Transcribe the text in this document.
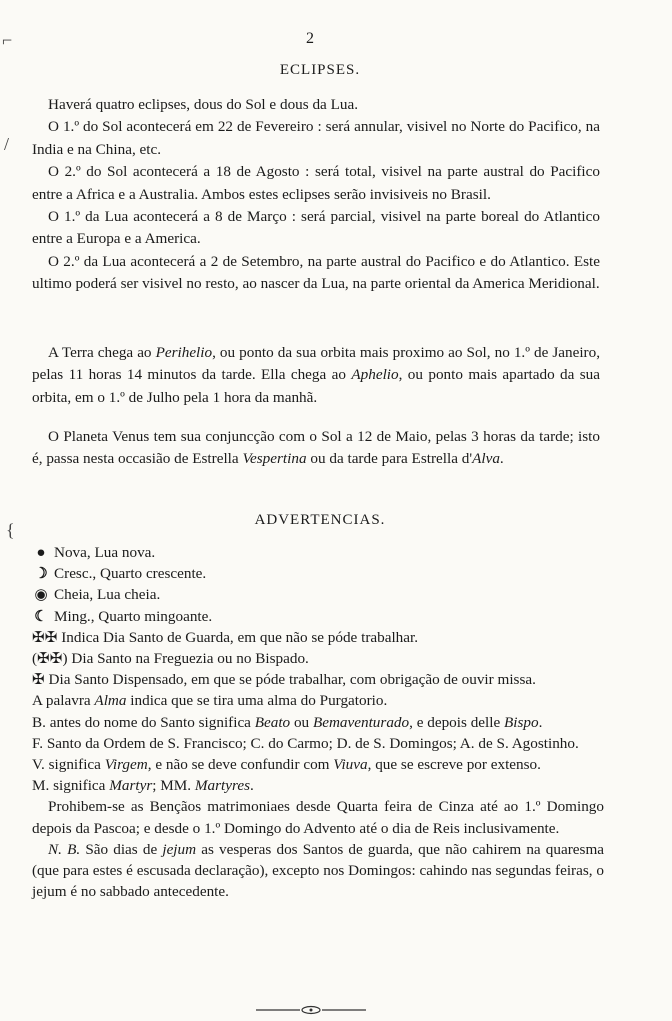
2
ECLIPSES.

Haverá quatro eclipses, dous do Sol e dous da Lua.

O 1.º do Sol acontecerá em 22 de Fevereiro : será annular, visivel no Norte do Pacifico, na India e na China, etc.

O 2.º do Sol acontecerá a 18 de Agosto : será total, visivel na parte austral do Pacifico entre a Africa e a Australia. Ambos estes eclipses serão invisiveis no Brasil.

O 1.º da Lua acontecerá a 8 de Março : será parcial, visivel na parte boreal do Atlantico entre a Europa e a America.

O 2.º da Lua acontecerá a 2 de Setembro, na parte austral do Pacifico e do Atlantico. Este ultimo poderá ser visivel no resto, ao nascer da Lua, na parte oriental da America Meridional.

A Terra chega ao Perihelio, ou ponto da sua orbita mais proximo ao Sol, no 1.º de Janeiro, pelas 11 horas 14 minutos da tarde. Ella chega ao Aphelio, ou ponto mais apartado da sua orbita, em o 1.º de Julho pela 1 hora da manhã.

O Planeta Venus tem sua conjuncção com o Sol a 12 de Maio, pelas 3 horas da tarde; isto é, passa nesta occasião de Estrella Vespertina ou da tarde para Estrella d'Alva.

ADVERTENCIAS.
● Nova, Lua nova.
☽ Cresc., Quarto crescente.
◉ Cheia, Lua cheia.
☾ Ming., Quarto mingoante.
✠✠ Indica Dia Santo de Guarda, em que não se póde trabalhar.
(✠✠) Dia Santo na Freguezia ou no Bispado.
✠ Dia Santo Dispensado, em que se póde trabalhar, com obrigação de ouvir missa.
A palavra Alma indica que se tira uma alma do Purgatorio.
B. antes do nome do Santo significa Beato ou Bemaventurado, e depois delle Bispo.
F. Santo da Ordem de S. Francisco; C. do Carmo; D. de S. Domingos; A. de S. Agostinho.
V. significa Virgem, e não se deve confundir com Viuva, que se escreve por extenso.
M. significa Martyr; MM. Martyres.
Prohibem-se as Bençãos matrimoniaes desde Quarta feira de Cinza até ao 1.º Domingo depois da Pascoa; e desde o 1.º Domingo do Advento até o dia de Reis inclusivamente.
N. B. São dias de jejum as vesperas dos Santos de guarda, que não cahirem na quaresma (que para estes é escusada declaração), excepto nos Domingos: cahindo nas segundas feiras, o jejum é no sabbado antecedente.
⌐
/
{
